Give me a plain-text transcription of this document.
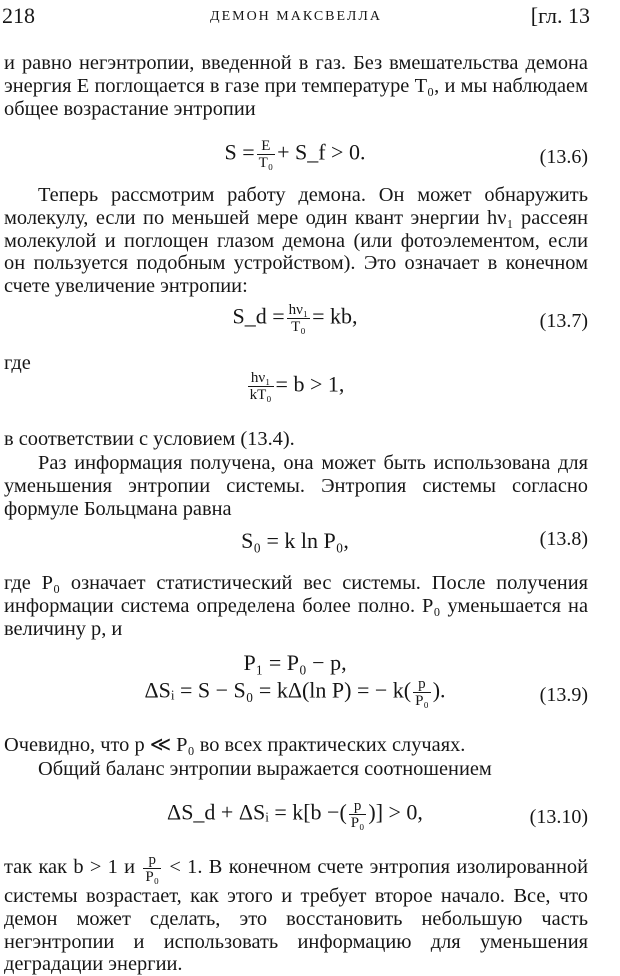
218	ДЕМОН МАКСВЕЛЛА	[гл. 13
и равно негэнтропии, введенной в газ. Без вмешательства демона энергия E поглощается в газе при температуре T₀, и мы наблюдаем общее возрастание энтропии
$S = \frac{E}{\text{T₀}}$ + S_f > 0.	(13.6)
Теперь рассмотрим работу демона. Он может обнаружить молекулу, если по меньшей мере один квант энергии hν₁ рассеян молекулой и поглощен глазом демона (или фотоэлементом, если он пользуется подобным устройством). Это означает в конечном счете увеличение энтропии:
S_d = $\frac{\text{hν₁}}{\text{T₀}}$ = kb,	(13.7)
где
$\frac{\text{hν₁}}{\text{kT₀}} = b > 1$,
в соответствии с условием (13.4).
Раз информация получена, она может быть использована для уменьшения энтропии системы. Энтропия системы согласно формуле Больцмана равна
S₀ = k ln P₀,	(13.8)
где P₀ означает статистический вес системы. После получения информации система определена более полно. P₀ уменьшается на величину p, и
P₁ = P₀ − p,
ΔSᵢ = S − S₀ = kΔ(ln P) = − $k( \frac{p}{\text{P₀}}$ ).	(13.9)
Очевидно, что p ≪ P₀ во всех практических случаях.
Общий баланс энтропии выражается соотношением
ΔS_d + ΔSᵢ = k[b −( $\frac{p}{\text{P₀}}$ )] > 0,	(13.10)
так как b > 1 и $\frac{p}{\text{P₀}} < 1$. В конечном счете энтропия изолированной системы возрастает, как этого и требует второе начало. Все, что демон может сделать, это восстановить небольшую часть негэнтропии и использовать информацию для уменьшения деградации энергии.
